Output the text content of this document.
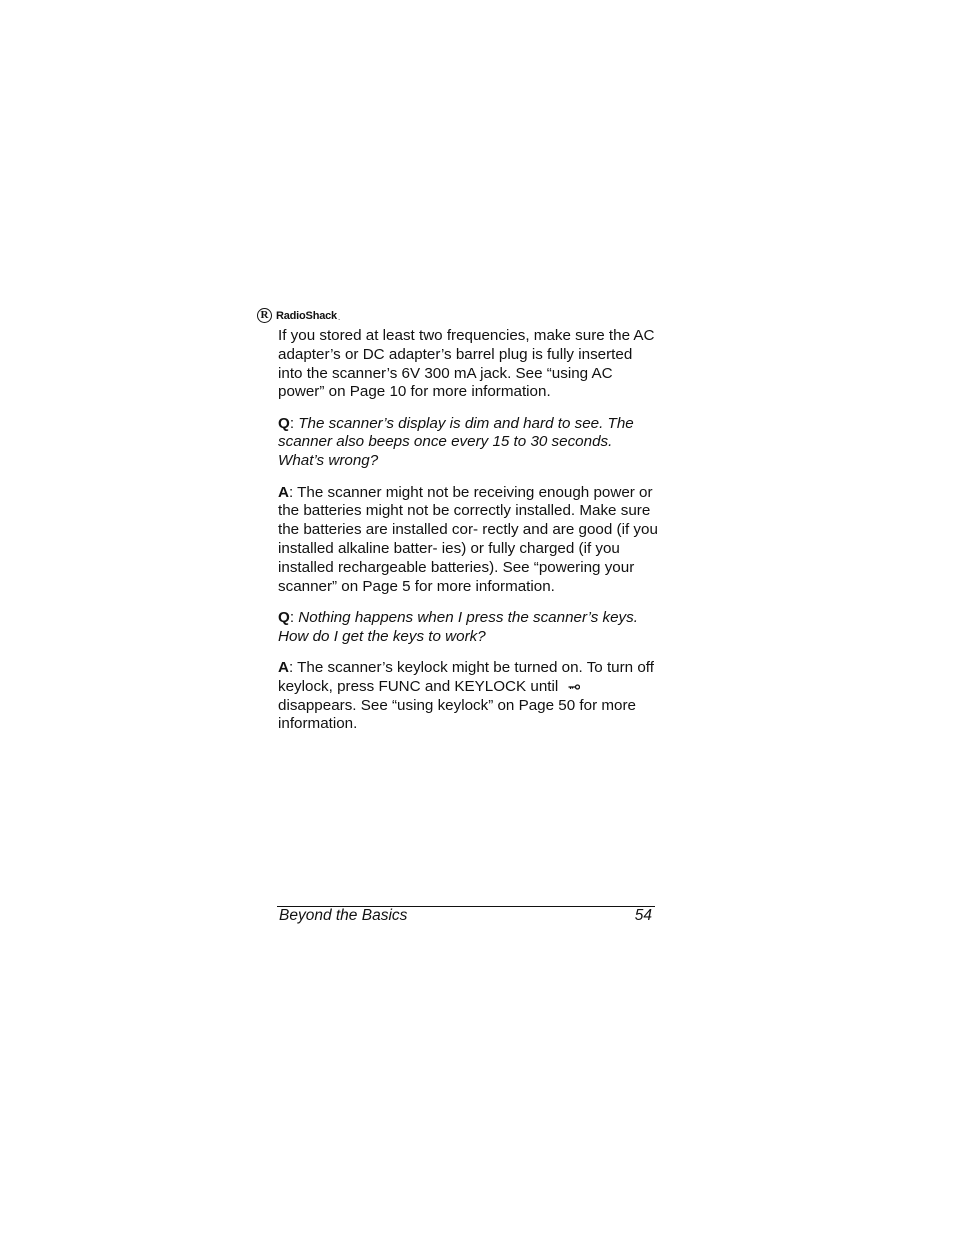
R RadioShack .

If you stored at least two frequencies, make sure the AC adapter’s or DC adapter’s barrel plug is fully inserted into the scanner’s 6V 300 mA jack. See “using AC power” on Page 10 for more information.

Q: The scanner’s display is dim and hard to see. The scanner also beeps once every 15 to 30 seconds. What’s wrong?

A: The scanner might not be receiving enough power or the batteries might not be correctly installed. Make sure the batteries are installed cor- rectly and are good (if you installed alkaline batter- ies) or fully charged (if you installed rechargeable batteries). See “powering your scanner” on Page 5 for more information.

Q: Nothing happens when I press the scanner’s keys. How do I get the keys to work?

A: The scanner’s keylock might be turned on. To turn off keylock, press FUNC and KEYLOCK until
disappears. See “using keylock” on Page 50 for more information.

Beyond the Basics	54
